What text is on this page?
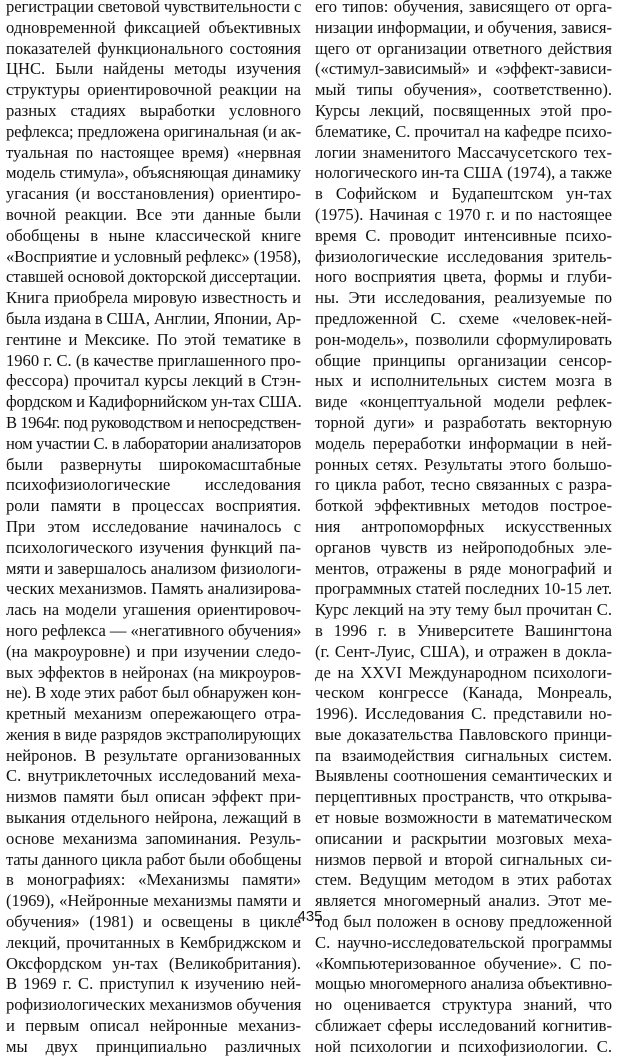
регистрации световой чувствительности с
одновременной фиксацией объективных
показателей функционального состояния
ЦНС. Были найдены методы изучения
структуры ориентировочной реакции на
разных стадиях выработки условного
рефлекса; предложена оригинальная (и ак-
туальная по настоящее время) «нервная
модель стимула», объясняющая динамику
угасания (и восстановления) ориентиро-
вочной реакции. Все эти данные были
обобщены в ныне классической книге
«Восприятие и условный рефлекс» (1958),
ставшей основой докторской диссертации.
Книга приобрела мировую известность и
была издана в США, Англии, Японии, Ар-
гентине и Мексике. По этой тематике в
1960 г. С. (в качестве приглашенного про-
фессора) прочитал курсы лекций в Стэн-
фордском и Кадифорнийском ун-тах США.
В 1964г. под руководством и непосредствен-
ном участии С. в лаборатории анализаторов
были развернуты широкомасштабные
психофизиологические исследования
роли памяти в процессах восприятия.
При этом исследование начиналось с
психологического изучения функций па-
мяти и завершалось анализом физиологи-
ческих механизмов. Память анализирова-
лась на модели угашения ориентировоч-
ного рефлекса — «негативного обучения»
(на макроуровне) и при изучении следо-
вых эффектов в нейронах (на микроуров-
не). В ходе этих работ был обнаружен кон-
кретный механизм опережающего отра-
жения в виде разрядов экстраполирующих
нейронов. В результате организованных
С. внутриклеточных исследований меха-
низмов памяти был описан эффект при-
выкания отдельного нейрона, лежащий в
основе механизма запоминания. Резуль-
таты данного цикла работ были обобщены
в монографиях: «Механизмы памяти»
(1969), «Нейронные механизмы памяти и
обучения» (1981) и освещены в цикле
лекций, прочитанных в Кембриджском и
Оксфордском ун-тах (Великобритания).
В 1969 г. С. приступил к изучению ней-
рофизиологических механизмов обучения
и первым описал нейронные механиз-
мы двух принципиально различных
его типов: обучения, зависящего от орга-
низации информации, и обучения, завися-
щего от организации ответного действия
(«стимул-зависимый» и «эффект-зависи-
мый типы обучения», соответственно).
Курсы лекций, посвященных этой про-
блематике, С. прочитал на кафедре психо-
логии знаменитого Массачусетского тех-
нологического ин-та США (1974), а также
в Софийском и Будапештском ун-тах
(1975). Начиная с 1970 г. и по настоящее
время С. проводит интенсивные психо-
физиологические исследования зритель-
ного восприятия цвета, формы и глуби-
ны. Эти исследования, реализуемые по
предложенной С. схеме «человек-ней-
рон-модель», позволили сформулировать
общие принципы организации сенсор-
ных и исполнительных систем мозга в
виде «концептуальной модели рефлек-
торной дуги» и разработать векторную
модель переработки информации в ней-
ронных сетях. Результаты этого большо-
го цикла работ, тесно связанных с разра-
боткой эффективных методов построе-
ния антропоморфных искусственных
органов чувств из нейроподобных эле-
ментов, отражены в ряде монографий и
программных статей последних 10-15 лет.
Курс лекций на эту тему был прочитан С.
в 1996 г. в Университете Вашингтона
(г. Сент-Луис, США), и отражен в докла-
де на XXVI Международном психологи-
ческом конгрессе (Канада, Монреаль,
1996). Исследования С. представили но-
вые доказательства Павловского принци-
па взаимодействия сигнальных систем.
Выявлены соотношения семантических и
перцептивных пространств, что открыва-
ет новые возможности в математическом
описании и раскрытии мозговых меха-
низмов первой и второй сигнальных си-
стем. Ведущим методом в этих работах
является многомерный анализ. Этот ме-
тод был положен в основу предложенной
С. научно-исследовательской программы
«Компьютеризованное обучение». С по-
мощью многомерного анализа объективно-
но оценивается структура знаний, что
сближает сферы исследований когнитив-
ной психологии и психофизиологии. С.
435
